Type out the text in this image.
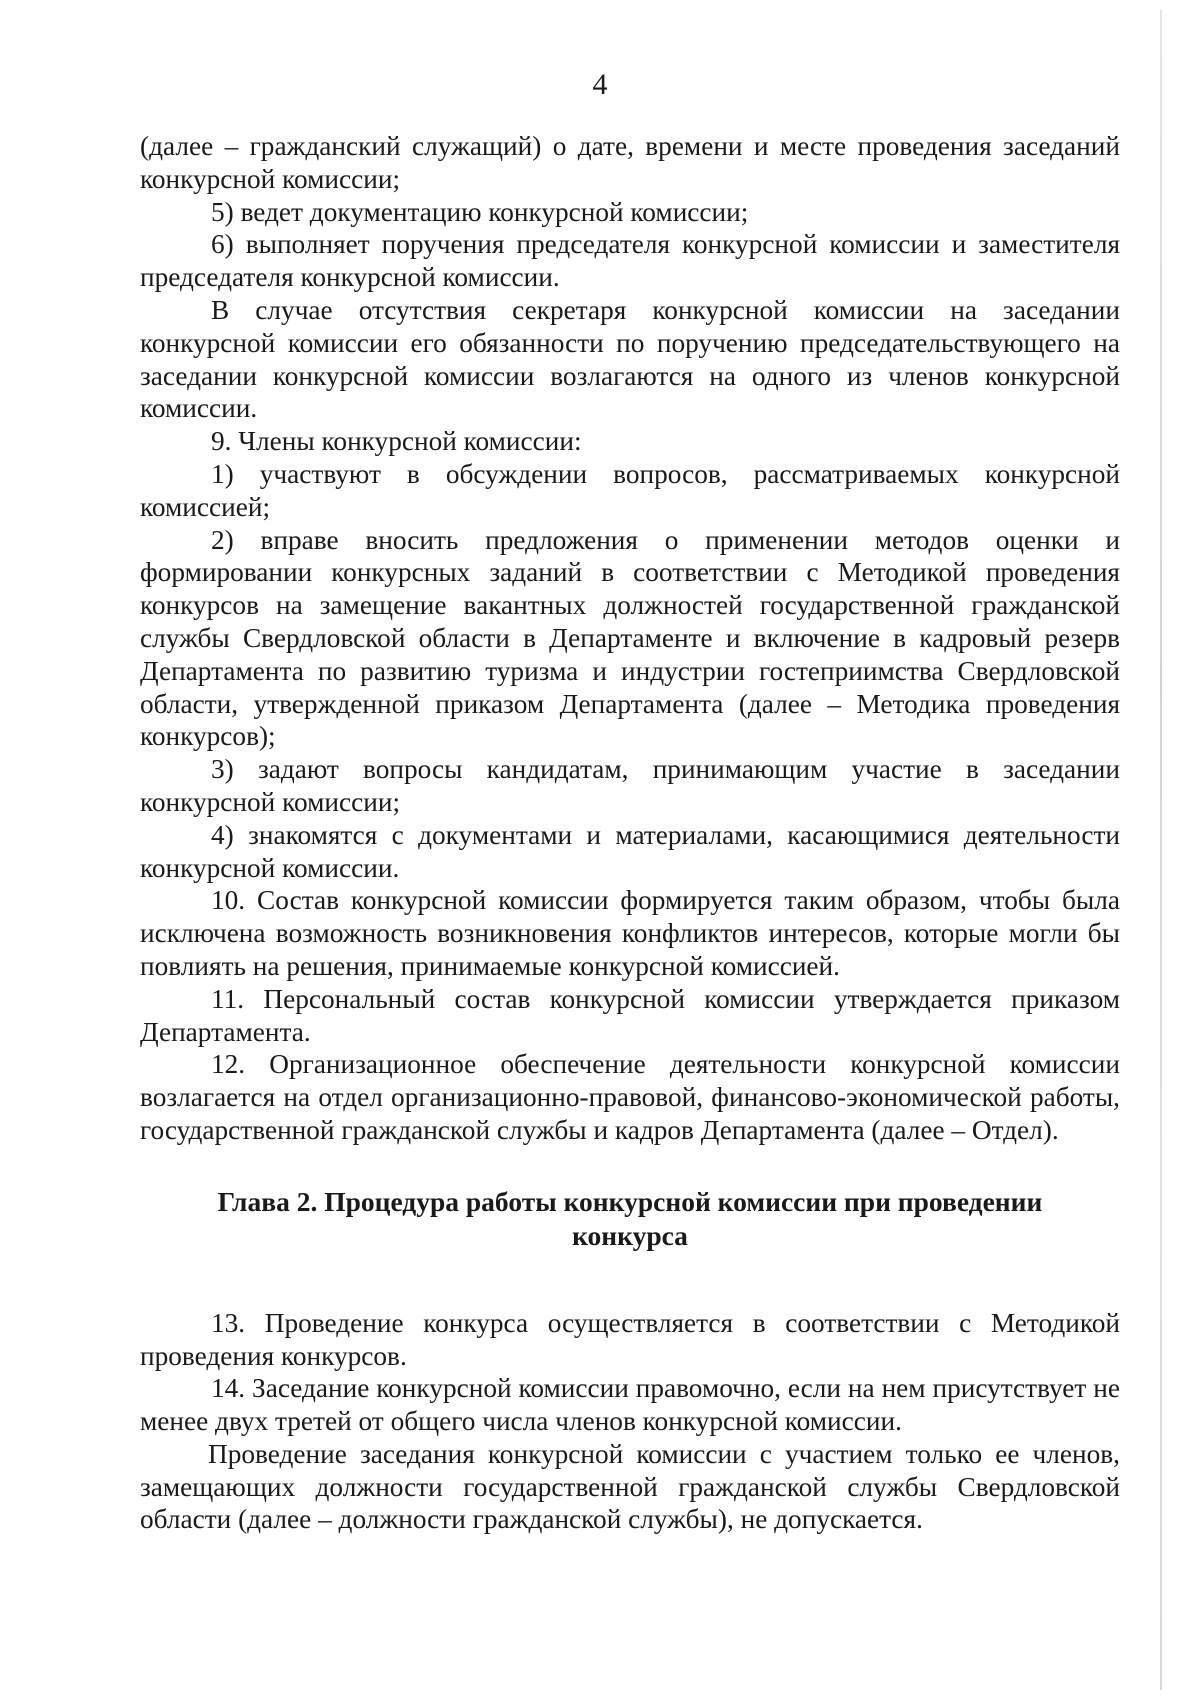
4

(далее – гражданский служащий) о дате, времени и месте проведения заседаний конкурсной комиссии;

5) ведет документацию конкурсной комиссии;

6) выполняет поручения председателя конкурсной комиссии и заместителя председателя конкурсной комиссии.

В случае отсутствия секретаря конкурсной комиссии на заседании конкурсной комиссии его обязанности по поручению председательствующего на заседании конкурсной комиссии возлагаются на одного из членов конкурсной комиссии.

9. Члены конкурсной комиссии:

1) участвуют в обсуждении вопросов, рассматриваемых конкурсной комиссией;

2) вправе вносить предложения о применении методов оценки и формировании конкурсных заданий в соответствии с Методикой проведения конкурсов на замещение вакантных должностей государственной гражданской службы Свердловской области в Департаменте и включение в кадровый резерв Департамента по развитию туризма и индустрии гостеприимства Свердловской области, утвержденной приказом Департамента (далее – Методика проведения конкурсов);

3) задают вопросы кандидатам, принимающим участие в заседании конкурсной комиссии;

4) знакомятся с документами и материалами, касающимися деятельности конкурсной комиссии.

10. Состав конкурсной комиссии формируется таким образом, чтобы была исключена возможность возникновения конфликтов интересов, которые могли бы повлиять на решения, принимаемые конкурсной комиссией.

11. Персональный состав конкурсной комиссии утверждается приказом Департамента.

12. Организационное обеспечение деятельности конкурсной комиссии возлагается на отдел организационно-правовой, финансово-экономической работы, государственной гражданской службы и кадров Департамента (далее – Отдел).

Глава 2. Процедура работы конкурсной комиссии при проведении
конкурса

13. Проведение конкурса осуществляется в соответствии с Методикой проведения конкурсов.

14. Заседание конкурсной комиссии правомочно, если на нем присутствует не менее двух третей от общего числа членов конкурсной комиссии.

Проведение заседания конкурсной комиссии с участием только ее членов, замещающих должности государственной гражданской службы Свердловской области (далее – должности гражданской службы), не допускается.
